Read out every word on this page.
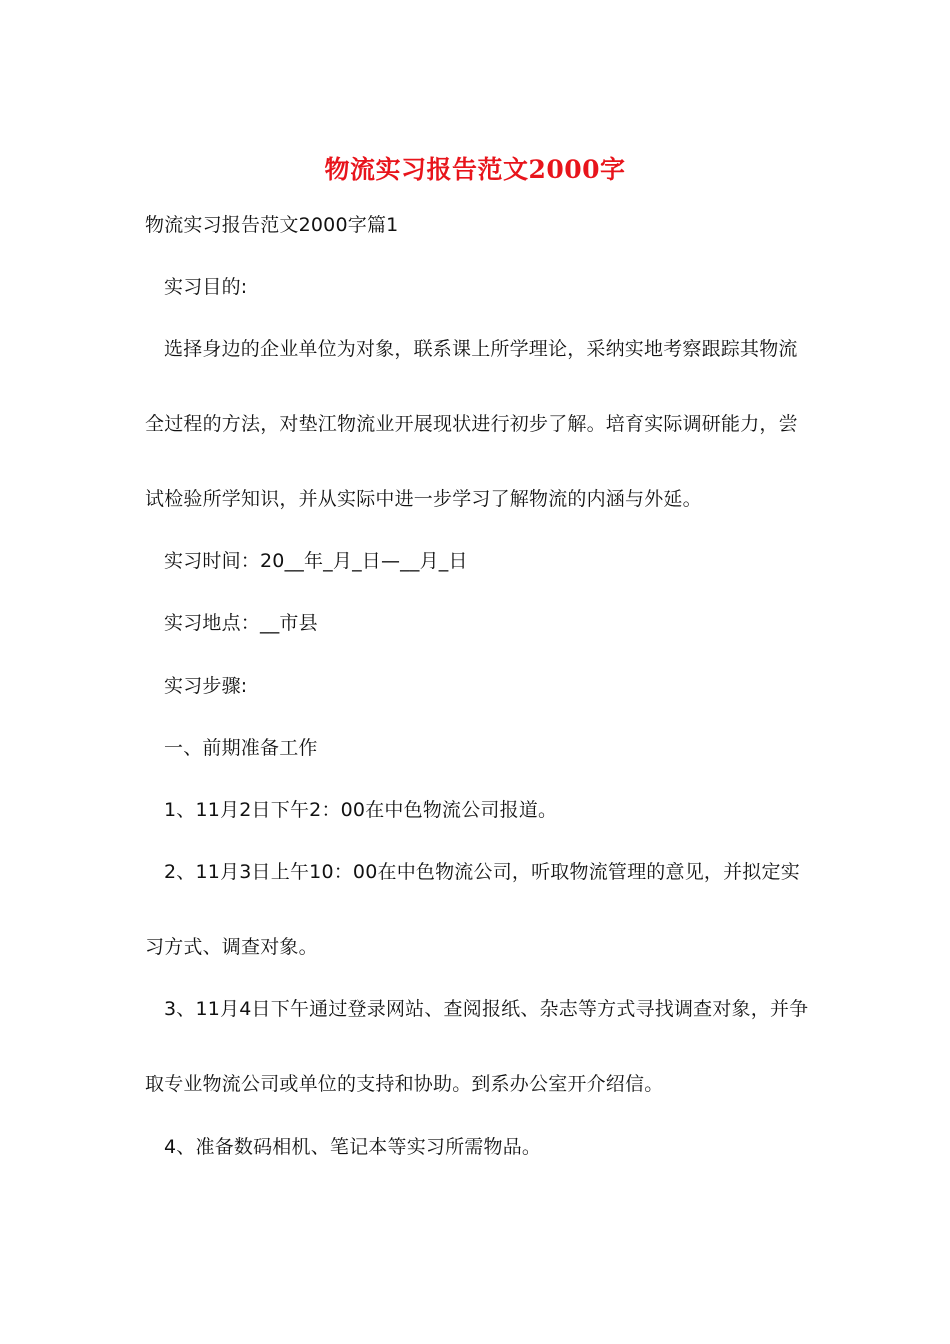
物流实习报告范文2000字
物流实习报告范文2000字篇1
实习目的:
选择身边的企业单位为对象，联系课上所学理论，采纳实地考察跟踪其物流
全过程的方法，对垫江物流业开展现状进行初步了解。培育实际调研能力，尝
试检验所学知识，并从实际中进一步学习了解物流的内涵与外延。
实习时间：20__年_月_日—__月_日
实习地点：__市县
实习步骤:
一、前期准备工作
1、11月2日下午2：00在中色物流公司报道。
2、11月3日上午10：00在中色物流公司，听取物流管理的意见，并拟定实
习方式、调查对象。
3、11月4日下午通过登录网站、查阅报纸、杂志等方式寻找调查对象，并争
取专业物流公司或单位的支持和协助。到系办公室开介绍信。
4、准备数码相机、笔记本等实习所需物品。
